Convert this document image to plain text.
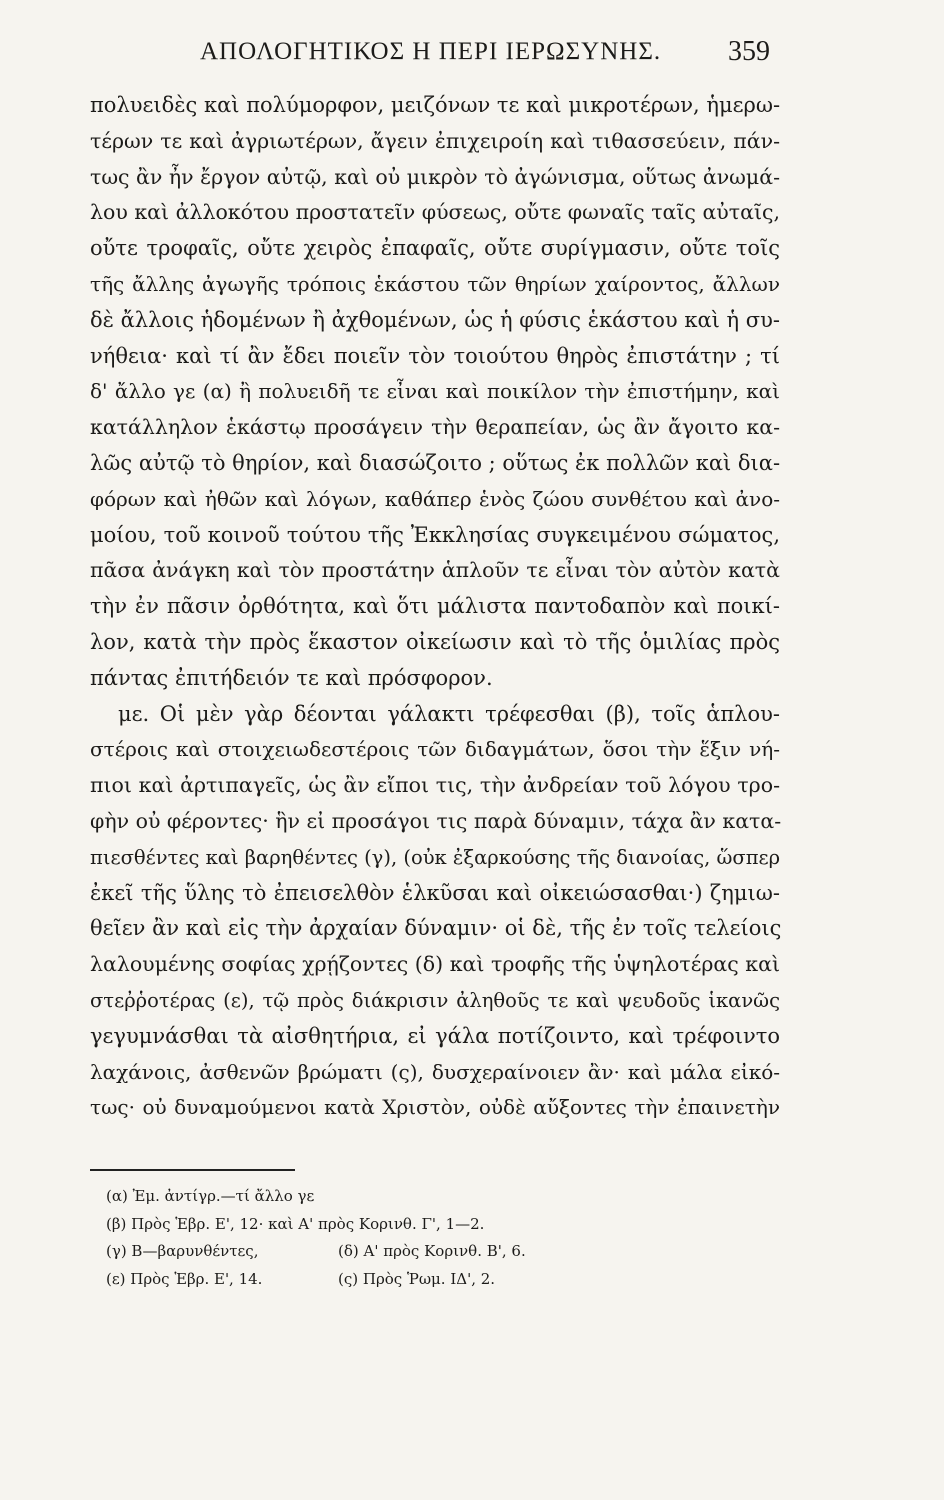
ΑΠΟΛΟΓΗΤΙΚΟΣ Η ΠΕΡΙ ΙΕΡΩΣΥΝΗΣ. 359
πολυειδὲς καὶ πολύμορφον, μειζόνων τε καὶ μικροτέρων, ἡμερω-
τέρων τε καὶ ἀγριωτέρων, ἄγειν ἐπιχειροίη καὶ τιθασσεύειν, πάν-
τως ἂν ἦν ἔργον αὐτῷ, καὶ οὐ μικρὸν τὸ ἀγώνισμα, οὕτως ἀνωμά-
λου καὶ ἀλλοκότου προστατεῖν φύσεως, οὔτε φωναῖς ταῖς αὐταῖς,
οὔτε τροφαῖς, οὔτε χειρὸς ἐπαφαῖς, οὔτε συρίγμασιν, οὔτε τοῖς
τῆς ἄλλης ἀγωγῆς τρόποις ἑκάστου τῶν θηρίων χαίροντος, ἄλλων
δὲ ἄλλοις ἡδομένων ἢ ἀχθομένων, ὡς ἡ φύσις ἑκάστου καὶ ἡ συ-
νήθεια· καὶ τί ἂν ἔδει ποιεῖν τὸν τοιούτου θηρὸς ἐπιστάτην ; τί
δ' ἄλλο γε (α) ἢ πολυειδῆ τε εἶναι καὶ ποικίλον τὴν ἐπιστήμην, καὶ
κατάλληλον ἑκάστῳ προσάγειν τὴν θεραπείαν, ὡς ἂν ἄγοιτο κα-
λῶς αὐτῷ τὸ θηρίον, καὶ διασώζοιτο ; οὕτως ἐκ πολλῶν καὶ δια-
φόρων καὶ ἠθῶν καὶ λόγων, καθάπερ ἑνὸς ζώου συνθέτου καὶ ἀνο-
μοίου, τοῦ κοινοῦ τούτου τῆς Ἐκκλησίας συγκειμένου σώματος,
πᾶσα ἀνάγκη καὶ τὸν προστάτην ἁπλοῦν τε εἶναι τὸν αὐτὸν κατὰ
τὴν ἐν πᾶσιν ὀρθότητα, καὶ ὅτι μάλιστα παντοδαπὸν καὶ ποικί-
λον, κατὰ τὴν πρὸς ἕκαστον οἰκείωσιν καὶ τὸ τῆς ὁμιλίας πρὸς
πάντας ἐπιτήδειόν τε καὶ πρόσφορον.
με. Οἱ μὲν γὰρ δέονται γάλακτι τρέφεσθαι (β), τοῖς ἁπλου-
στέροις καὶ στοιχειωδεστέροις τῶν διδαγμάτων, ὅσοι τὴν ἕξιν νή-
πιοι καὶ ἀρτιπαγεῖς, ὡς ἂν εἴποι τις, τὴν ἀνδρείαν τοῦ λόγου τρο-
φὴν οὐ φέροντες· ἣν εἰ προσάγοι τις παρὰ δύναμιν, τάχα ἂν κατα-
πιεσθέντες καὶ βαρηθέντες (γ), (οὐκ ἐξαρκούσης τῆς διανοίας, ὥσπερ
ἐκεῖ τῆς ὕλης τὸ ἐπεισελθὸν ἑλκῦσαι καὶ οἰκειώσασθαι·) ζημιω-
θεῖεν ἂν καὶ εἰς τὴν ἀρχαίαν δύναμιν· οἱ δὲ, τῆς ἐν τοῖς τελείοις
λαλουμένης σοφίας χρῄζοντες (δ) καὶ τροφῆς τῆς ὑψηλοτέρας καὶ
στεῤῥοτέρας (ε), τῷ πρὸς διάκρισιν ἀληθοῦς τε καὶ ψευδοῦς ἱκανῶς
γεγυμνάσθαι τὰ αἰσθητήρια, εἰ γάλα ποτίζοιντο, καὶ τρέφοιντο
λαχάνοις, ἀσθενῶν βρώματι (ς), δυσχεραίνοιεν ἂν· καὶ μάλα εἰκό-
τως· οὐ δυναμούμενοι κατὰ Χριστὸν, οὐδὲ αὔξοντες τὴν ἐπαινετὴν
(α) Ἐμ. ἀντίγρ.—τί ἄλλο γε
(β) Πρὸς Ἑβρ. Ε', 12· καὶ Α' πρὸς Κορινθ. Γ', 1—2.
(γ) Β—βαρυνθέντες,	(δ) Α' πρὸς Κορινθ. Β', 6.
(ε) Πρὸς Ἑβρ. Ε', 14.	(ς) Πρὸς Ῥωμ. ΙΔ', 2.
